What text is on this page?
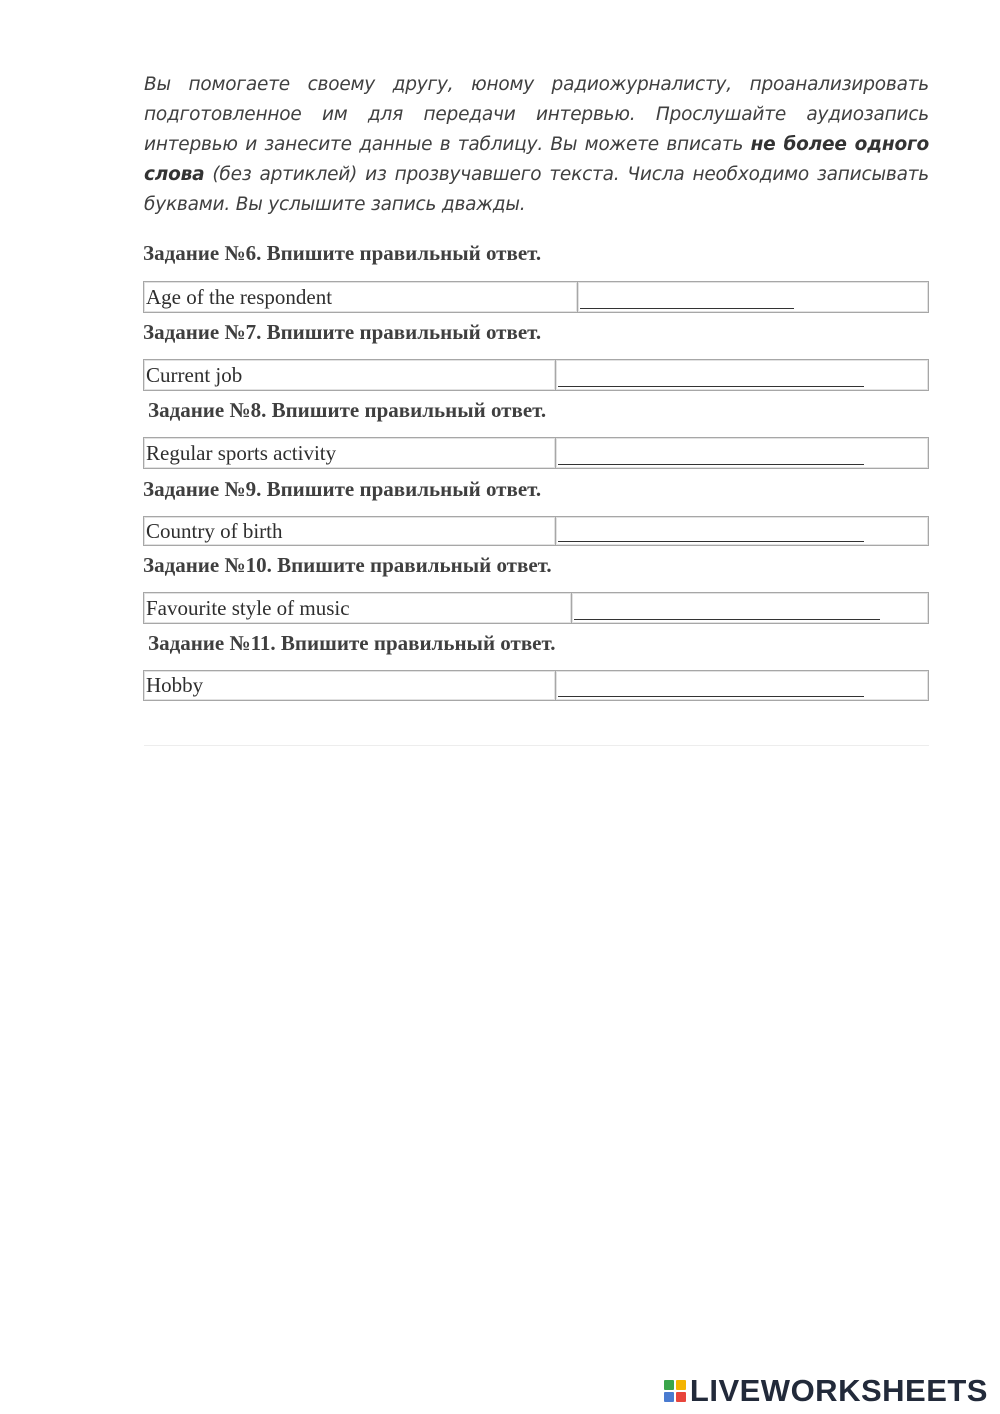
Вы помогаете своему другу, юному радиожурналисту, проанализировать подготовленное им для передачи интервью. Прослушайте аудиозапись интервью и занесите данные в таблицу. Вы можете вписать не более одного слова (без артиклей) из прозвучавшего текста. Числа необходимо записывать буквами. Вы услышите запись дважды.

Задание №6. Впишите правильный ответ.
Age of the respondent
Задание №7. Впишите правильный ответ.
Current job
Задание №8. Впишите правильный ответ.
Regular sports activity
Задание №9. Впишите правильный ответ.
Country of birth
Задание №10. Впишите правильный ответ.
Favourite style of music
Задание №11. Впишите правильный ответ.
Hobby
LIVEWORKSHEETS
